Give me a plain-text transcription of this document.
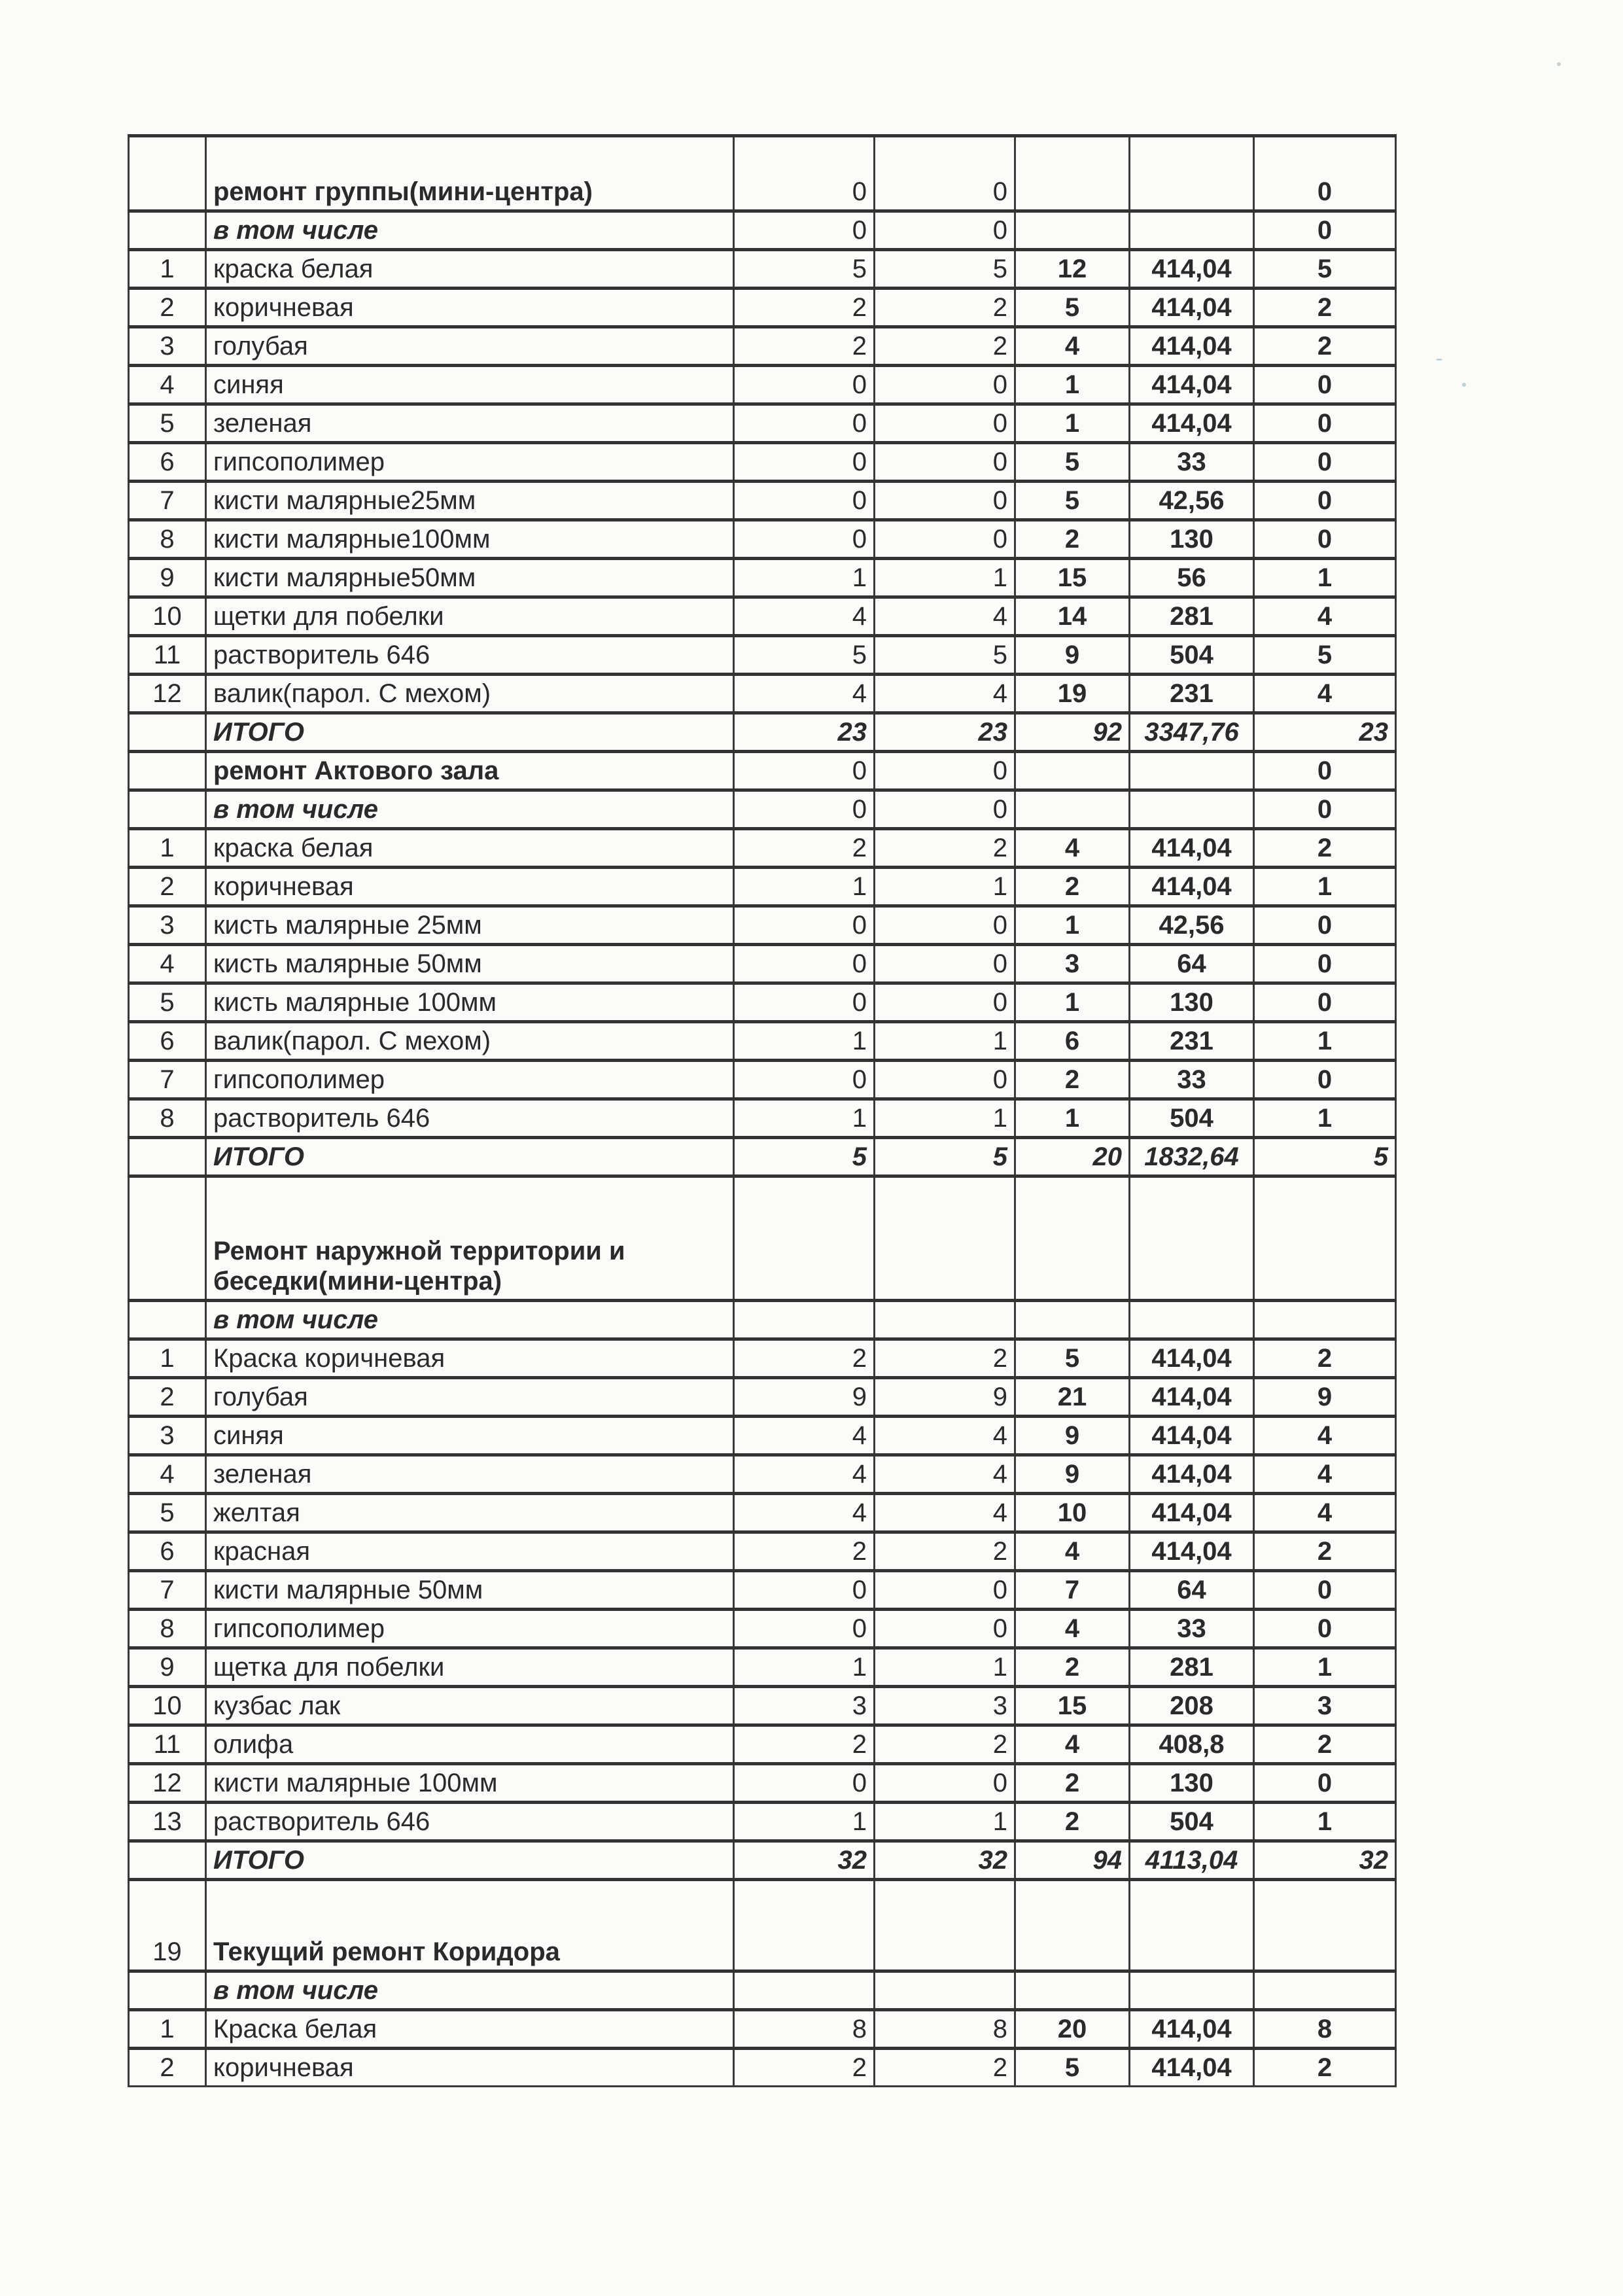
	ремонт группы(мини-центра)	0	0			0	
	в том числе	0	0			0	
1	краска белая	5	5	12	414,04	5	
2	коричневая	2	2	5	414,04	2	
3	голубая	2	2	4	414,04	2	
4	синяя	0	0	1	414,04	0	
5	зеленая	0	0	1	414,04	0	
6	гипсополимер	0	0	5	33	0	
7	кисти малярные25мм	0	0	5	42,56	0	
8	кисти малярные100мм	0	0	2	130	0	
9	кисти малярные50мм	1	1	15	56	1	
10	щетки для побелки	4	4	14	281	4	
11	растворитель 646	5	5	9	504	5	
12	валик(парол. С мехом)	4	4	19	231	4	
	ИТОГО	23	23	92	3347,76	23	
	ремонт Актового зала	0	0			0	
	в том числе	0	0			0	
1	краска белая	2	2	4	414,04	2	
2	коричневая	1	1	2	414,04	1	
3	кисть малярные 25мм	0	0	1	42,56	0	
4	кисть малярные 50мм	0	0	3	64	0	
5	кисть малярные 100мм	0	0	1	130	0	
6	валик(парол. С мехом)	1	1	6	231	1	
7	гипсополимер	0	0	2	33	0	
8	растворитель 646	1	1	1	504	1	
	ИТОГО	5	5	20	1832,64	5	
	Ремонт наружной территории и беседки(мини-центра)						
	в том числе						
1	Краска коричневая	2	2	5	414,04	2	
2	голубая	9	9	21	414,04	9	
3	синяя	4	4	9	414,04	4	
4	зеленая	4	4	9	414,04	4	
5	желтая	4	4	10	414,04	4	
6	красная	2	2	4	414,04	2	
7	кисти малярные 50мм	0	0	7	64	0	
8	гипсополимер	0	0	4	33	0	
9	щетка для побелки	1	1	2	281	1	
10	кузбас лак	3	3	15	208	3	
11	олифа	2	2	4	408,8	2	
12	кисти малярные 100мм	0	0	2	130	0	
13	растворитель 646	1	1	2	504	1	
	ИТОГО	32	32	94	4113,04	32	
19	Текущий ремонт Коридора						
	в том числе						
1	Краска белая	8	8	20	414,04	8	
2	коричневая	2	2	5	414,04	2	
